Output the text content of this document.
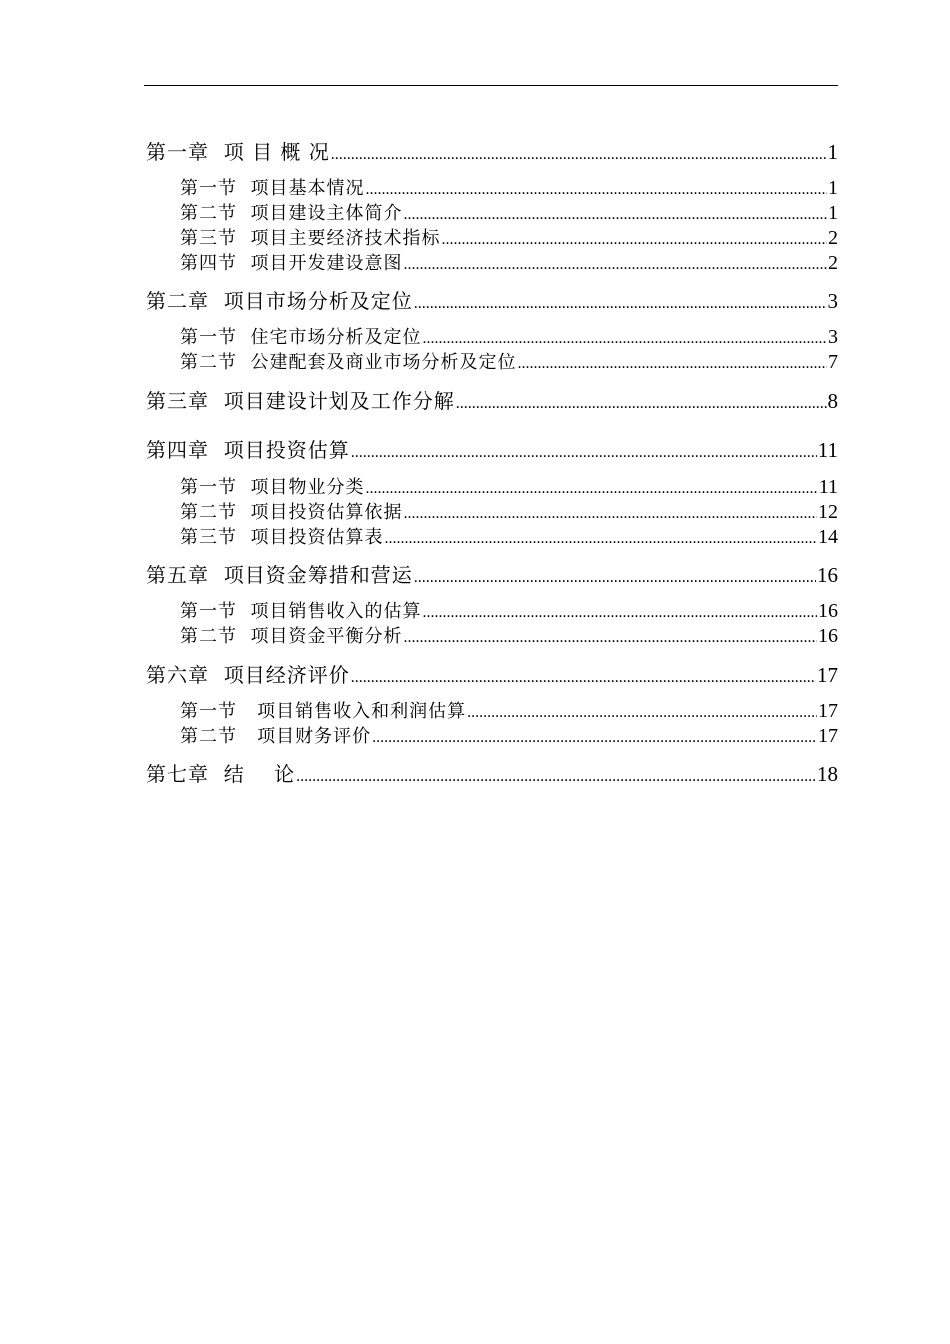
第一章  项 目 概 况 .....	1
第一节  项目基本情况 .....	1
第二节  项目建设主体简介 .....	1
第三节  项目主要经济技术指标 .....	2
第四节  项目开发建设意图 .....	2
第二章  项目市场分析及定位 .....	3
第一节  住宅市场分析及定位 .....	3
第二节  公建配套及商业市场分析及定位 .....	7
第三章  项目建设计划及工作分解 .....	8
第四章  项目投资估算 .....	11
第一节  项目物业分类 .....	11
第二节  项目投资估算依据 .....	12
第三节  项目投资估算表 .....	14
第五章  项目资金筹措和营运 .....	16
第一节  项目销售收入的估算 .....	16
第二节  项目资金平衡分析 .....	16
第六章  项目经济评价 .....	17
第一节   项目销售收入和利润估算 .....	17
第二节   项目财务评价 .....	17
第七章  结    论 .....	18
